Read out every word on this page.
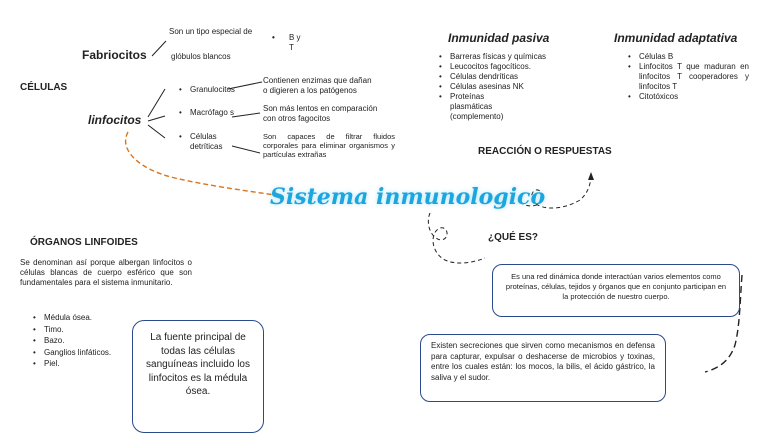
CÉLULAS
Fabriocitos
Son un tipo especial de
glóbulos blancos
• B y
T
linfocitos
• Granulocitos
• Macrófago s
• Células detríticas
Contienen enzimas que dañan o digieren a los patógenos
Son más lentos en comparación con otros fagocitos
Son capaces de filtrar fluidos corporales para eliminar organismos y partículas extrañas
Inmunidad pasiva
• Barreras físicas y químicas
• Leucocitos fagocíticos.
• Células dendríticas
• Células asesinas NK
• Proteínas plasmáticas (complemento)
Inmunidad adaptativa
• Células B
• Linfocitos T que maduran en linfocitos T cooperadores y linfocitos T
• Citotóxicos
REACCIÓN O RESPUESTAS
Sistema inmunologico
¿QUÉ ES?
Es una red dinámica donde interactúan varios elementos como proteínas, células, tejidos y órganos que en conjunto participan en la protección de nuestro cuerpo.
Existen secreciones que sirven como mecanismos en defensa para capturar, expulsar o deshacerse de microbios y toxinas, entre los cuales están: los mocos, la bilis, el ácido gástrico, la saliva y el sudor.
ÓRGANOS LINFOIDES
Se denominan así porque albergan linfocitos o células blancas de cuerpo esférico que son fundamentales para el sistema inmunitario.
• Médula ósea.
• Timo.
• Bazo.
• Ganglios linfáticos.
• Piel.
La fuente principal de todas las células sanguíneas incluido los linfocitos es la médula ósea.
